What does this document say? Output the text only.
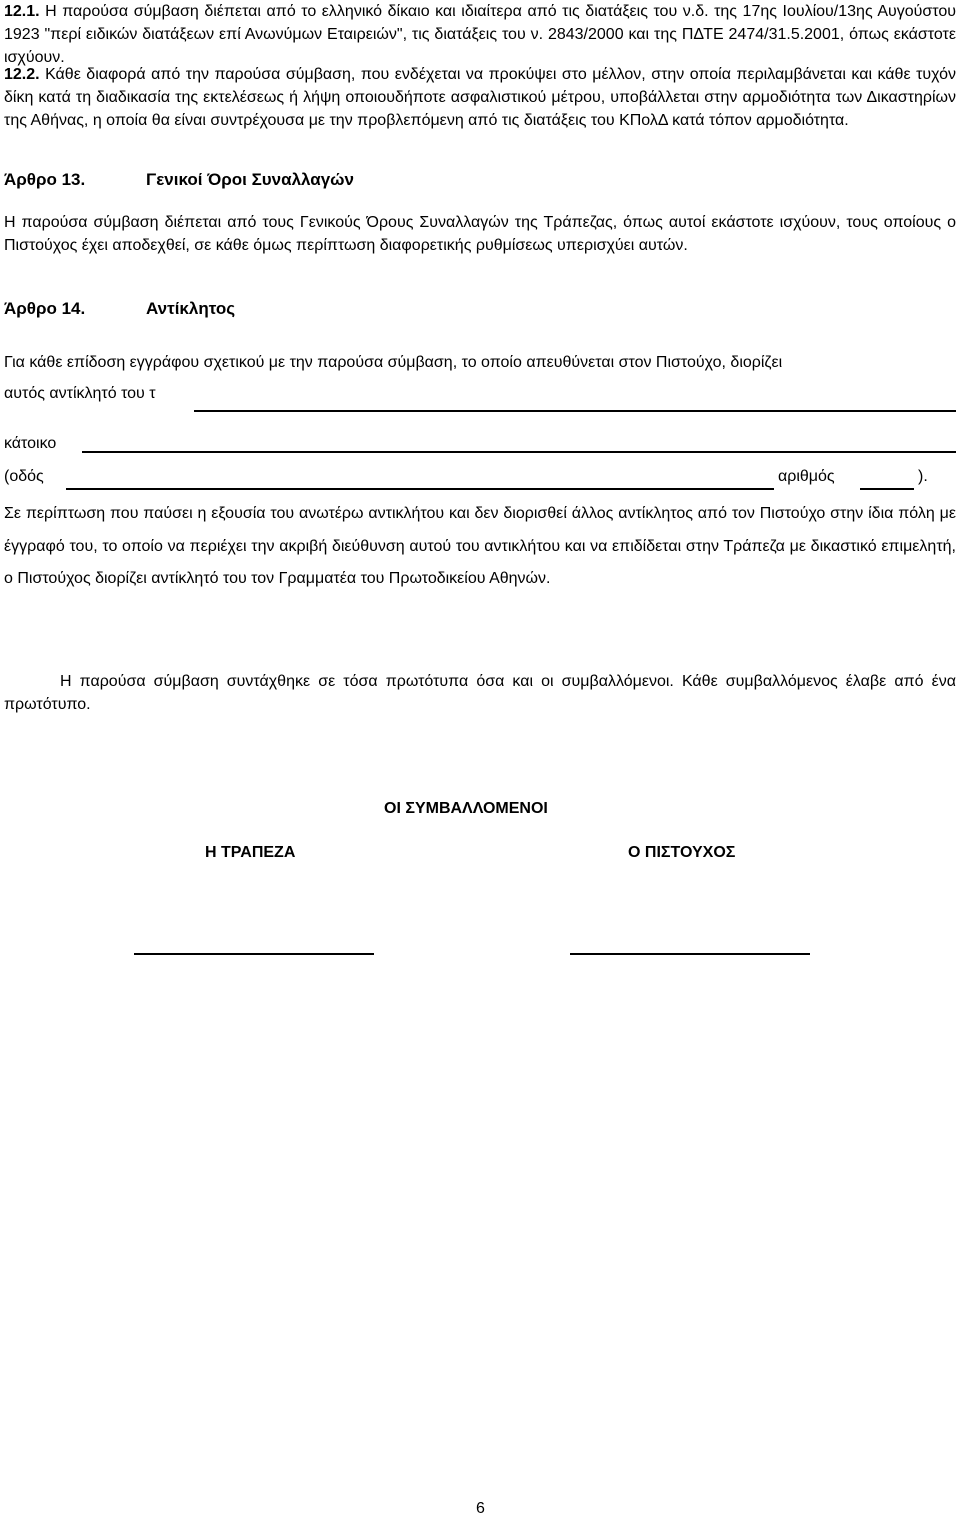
12.1. Η παρούσα σύμβαση διέπεται από το ελληνικό δίκαιο και ιδιαίτερα από τις διατάξεις του ν.δ. της 17ης Ιουλίου/13ης Αυγούστου 1923 "περί ειδικών διατάξεων επί Ανωνύμων Εταιρειών", τις διατάξεις του ν. 2843/2000 και της ΠΔΤΕ 2474/31.5.2001, όπως εκάστοτε ισχύουν.
12.2. Κάθε διαφορά από την παρούσα σύμβαση, που ενδέχεται να προκύψει στο μέλλον, στην οποία περιλαμβάνεται και κάθε τυχόν δίκη κατά τη διαδικασία της εκτελέσεως ή λήψη οποιουδήποτε ασφαλιστικού μέτρου, υποβάλλεται στην αρμοδιότητα των Δικαστηρίων της Αθήνας, η οποία θα είναι συντρέχουσα με την προβλεπόμενη από τις διατάξεις του ΚΠολΔ κατά τόπον αρμοδιότητα.
Άρθρο 13.	Γενικοί Όροι Συναλλαγών
Η παρούσα σύμβαση διέπεται από τους Γενικούς Όρους Συναλλαγών της Τράπεζας, όπως αυτοί εκάστοτε ισχύουν, τους οποίους ο Πιστούχος έχει αποδεχθεί, σε κάθε όμως περίπτωση διαφορετικής ρυθμίσεως υπερισχύει αυτών.
Άρθρο 14.	Αντίκλητος
Για κάθε επίδοση εγγράφου σχετικού με την παρούσα σύμβαση, το οποίο απευθύνεται στον Πιστούχο, διορίζει
αυτός αντίκλητό του τ
κάτοικο
(οδός	αριθμός	).
Σε περίπτωση που παύσει η εξουσία του ανωτέρω αντικλήτου και δεν διορισθεί άλλος αντίκλητος από τον Πιστούχο στην ίδια πόλη με έγγραφό του, το οποίο να περιέχει την ακριβή διεύθυνση αυτού του αντικλήτου και να επιδίδεται στην Τράπεζα με δικαστικό επιμελητή, ο Πιστούχος διορίζει αντίκλητό του τον Γραμματέα του Πρωτοδικείου Αθηνών.
Η παρούσα σύμβαση συντάχθηκε σε τόσα πρωτότυπα όσα και οι συμβαλλόμενοι. Κάθε συμβαλλόμενος έλαβε από ένα πρωτότυπο.
ΟΙ ΣΥΜΒΑΛΛΟΜΕΝΟΙ
Η ΤΡΑΠΕΖΑ	Ο ΠΙΣΤΟΥΧΟΣ
6
